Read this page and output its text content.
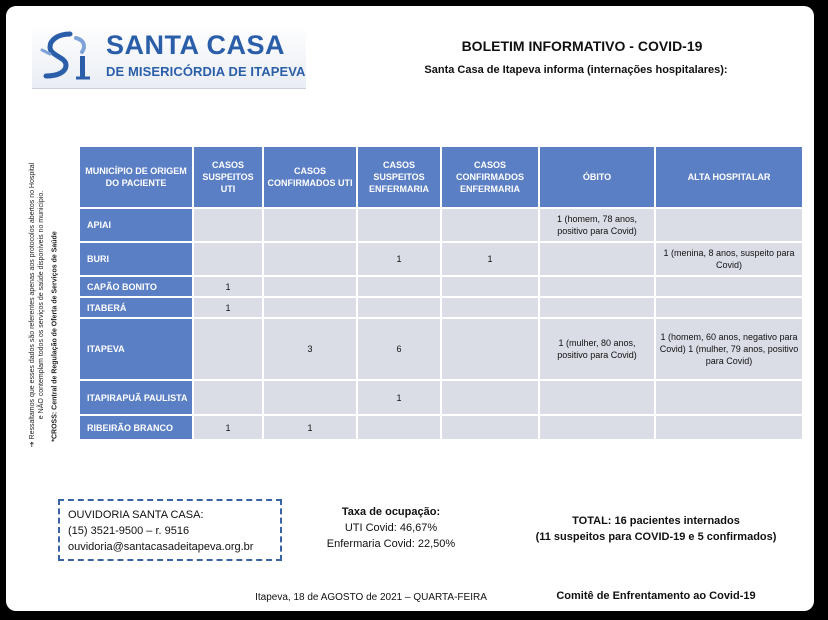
SANTA CASA
DE MISERICÓRDIA DE ITAPEVA
BOLETIM INFORMATIVO - COVID-19
Santa Casa de Itapeva informa (internações hospitalares):
➔ Ressaltamos que esses dados são referentes apenas aos protocolos abertos no Hospital e NÃO contemplam todos os serviços de saúde disponíveis no município. *CROSS: Central de Regulação de Oferta de Serviços de Saúde
MUNICÍPIO DE ORIGEM DO PACIENTE	CASOS SUSPEITOS UTI	CASOS CONFIRMADOS UTI	CASOS SUSPEITOS ENFERMARIA	CASOS CONFIRMADOS ENFERMARIA	ÓBITO	ALTA HOSPITALAR
APIAI					1 (homem, 78 anos, positivo para Covid)	
BURI			1	1		1 (menina, 8 anos, suspeito para Covid)
CAPÃO BONITO	1					
ITABERÁ	1					
ITAPEVA		3	6		1 (mulher, 80 anos, positivo para Covid)	1 (homem, 60 anos, negativo para Covid) 1 (mulher, 79 anos, positivo para Covid)
ITAPIRAPUÃ PAULISTA			1			
RIBEIRÃO BRANCO	1	1				
OUVIDORIA SANTA CASA:
(15) 3521-9500 – r. 9516
ouvidoria@santacasadeitapeva.org.br
Taxa de ocupação:
UTI Covid: 46,67%
Enfermaria Covid: 22,50%
TOTAL: 16 pacientes internados
(11 suspeitos para COVID-19 e 5 confirmados)
Itapeva, 18 de AGOSTO de 2021 – QUARTA-FEIRA	Comitê de Enfrentamento ao Covid-19
